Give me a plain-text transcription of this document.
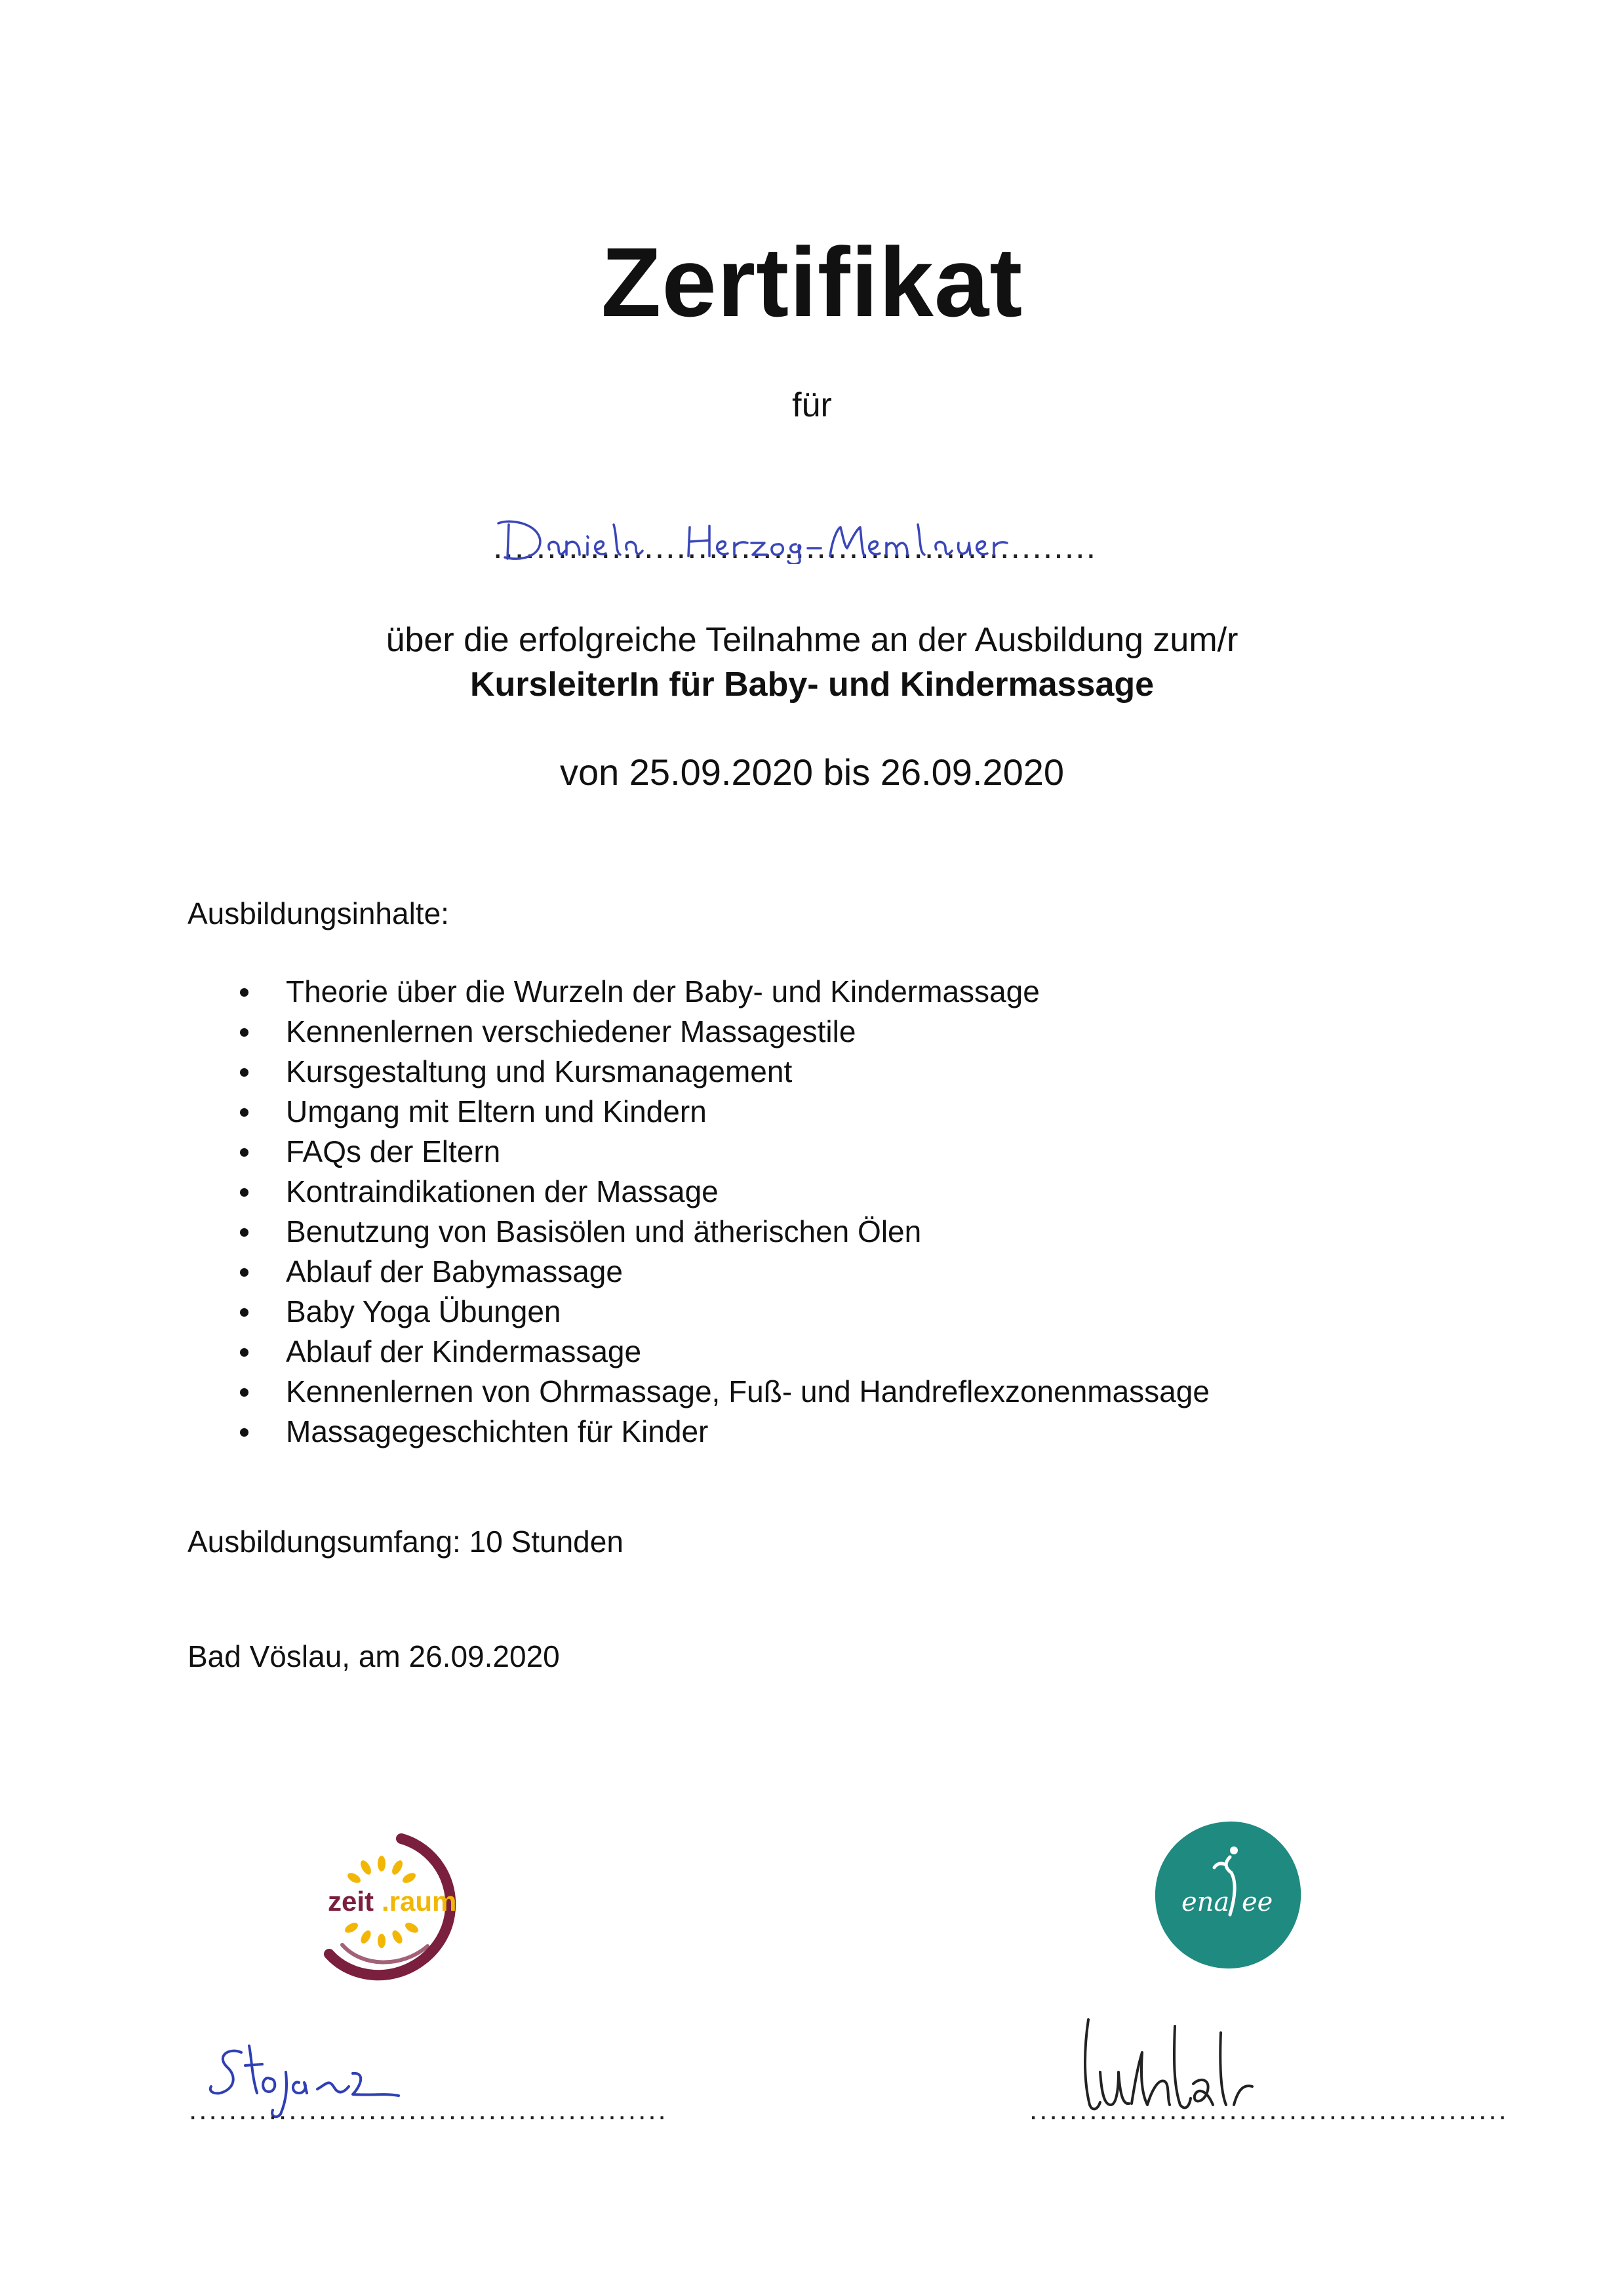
Zertifikat
für
........................................................
über die erfolgreiche Teilnahme an der Ausbildung zum/r
KursleiterIn für Baby- und Kindermassage
von 25.09.2020 bis 26.09.2020
Ausbildungsinhalte:
Theorie über die Wurzeln der Baby- und Kindermassage
Kennenlernen verschiedener Massagestile
Kursgestaltung und Kursmanagement
Umgang mit Eltern und Kindern
FAQs der Eltern
Kontraindikationen der Massage
Benutzung von Basisölen und ätherischen Ölen
Ablauf der Babymassage
Baby Yoga Übungen
Ablauf der Kindermassage
Kennenlernen von Ohrmassage, Fuß- und Handreflexzonenmassage
Massagegeschichten für Kinder
Ausbildungsumfang: 10 Stunden
Bad Vöslau, am 26.09.2020
zeit .raum	ena ee
................................................	................................................
